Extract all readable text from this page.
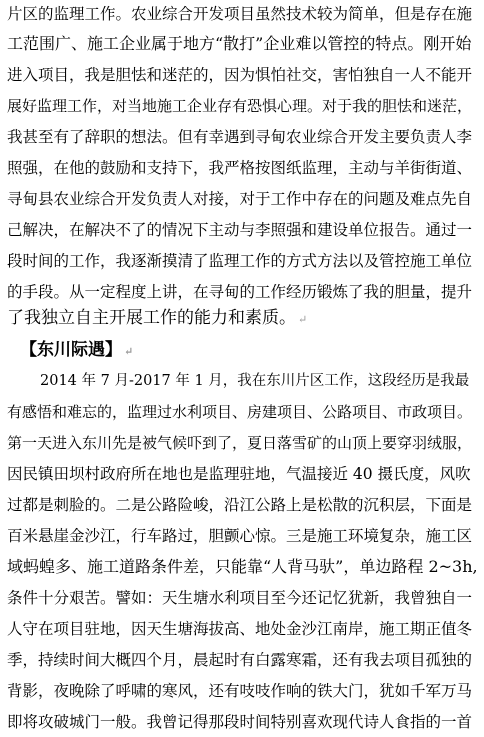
片区的监理工作。农业综合开发项目虽然技术较为简单，但是存在施
工范围广、施工企业属于地方“散打”企业难以管控的特点。刚开始
进入项目，我是胆怯和迷茫的，因为惧怕社交，害怕独自一人不能开
展好监理工作，对当地施工企业存有恐惧心理。对于我的胆怯和迷茫，
我甚至有了辞职的想法。但有幸遇到寻甸农业综合开发主要负责人李
照强，在他的鼓励和支持下，我严格按图纸监理，主动与羊街街道、
寻甸县农业综合开发负责人对接，对于工作中存在的问题及难点先自
己解决，在解决不了的情况下主动与李照强和建设单位报告。通过一
段时间的工作，我逐渐摸清了监理工作的方式方法以及管控施工单位
的手段。从一定程度上讲，在寻甸的工作经历锻炼了我的胆量，提升
了我独立自主开展工作的能力和素质。 ↵
【东川际遇】 ↵
2014 年 7 月-2017 年 1 月，我在东川片区工作，这段经历是我最
有感悟和难忘的，监理过水利项目、房建项目、公路项目、市政项目。
第一天进入东川先是被气候吓到了，夏日落雪矿的山顶上要穿羽绒服，
因民镇田坝村政府所在地也是监理驻地，气温接近 40 摄氏度，风吹
过都是刺脸的。二是公路险峻，沿江公路上是松散的沉积层，下面是
百米悬崖金沙江，行车路过，胆颤心惊。三是施工环境复杂，施工区
域蚂蝗多、施工道路条件差，只能靠“人背马驮”，单边路程 2~3h,
条件十分艰苦。譬如：天生塘水利项目至今还记忆犹新，我曾独自一
人守在项目驻地，因天生塘海拔高、地处金沙江南岸，施工期正值冬
季，持续时间大概四个月，晨起时有白露寒霜，还有我去项目孤独的
背影，夜晚除了呼啸的寒风，还有吱吱作响的铁大门，犹如千军万马
即将攻破城门一般。我曾记得那段时间特别喜欢现代诗人食指的一首
